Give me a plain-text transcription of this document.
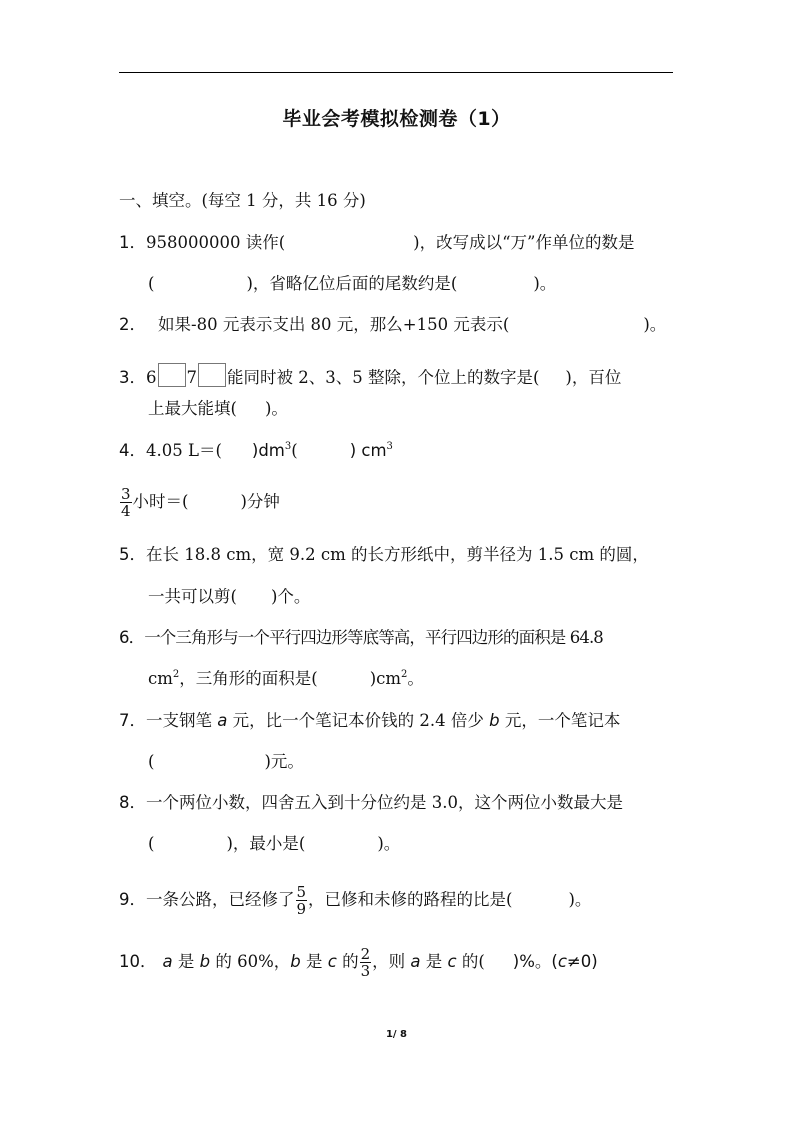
毕业会考模拟检测卷（1）
一、填空。(每空 1 分，共 16 分)
1．958000000 读作(	)，改写成以“万”作单位的数是
(	)，省略亿位后面的尾数约是(	)。
2． 如果-80 元表示支出 80 元，那么+150 元表示(	)。
3．6 7 能同时被 2、3、5 整除，个位上的数字是( )，百位
上最大能填( )。
4．4.05 L＝( )$dm^3$(	) $cm^3$
$\frac{3}{4}$ 小时＝(	)分钟
5．在长 18.8 cm，宽 9.2 cm 的长方形纸中，剪半径为 1.5 cm 的圆，
一共可以剪( )个。
6．一个三角形与一个平行四边形等底等高，平行四边形的面积是 64.8
$cm^2$，三角形的面积是(	)$cm^2$。
7．一支钢笔 a 元，比一个笔记本价钱的 2.4 倍少 b 元，一个笔记本
(	)元。
8．一个两位小数，四舍五入到十分位约是 3.0，这个两位小数最大是
(	)，最小是(	)。
9．一条公路，已经修了 $\frac{5}{9}$ ，已修和未修的路程的比是(	)。
10． a 是 b 的 60%，b 是 c 的 $\frac{2}{3}$ ，则 a 是 c 的( )%。(c≠0)
1/ 8
